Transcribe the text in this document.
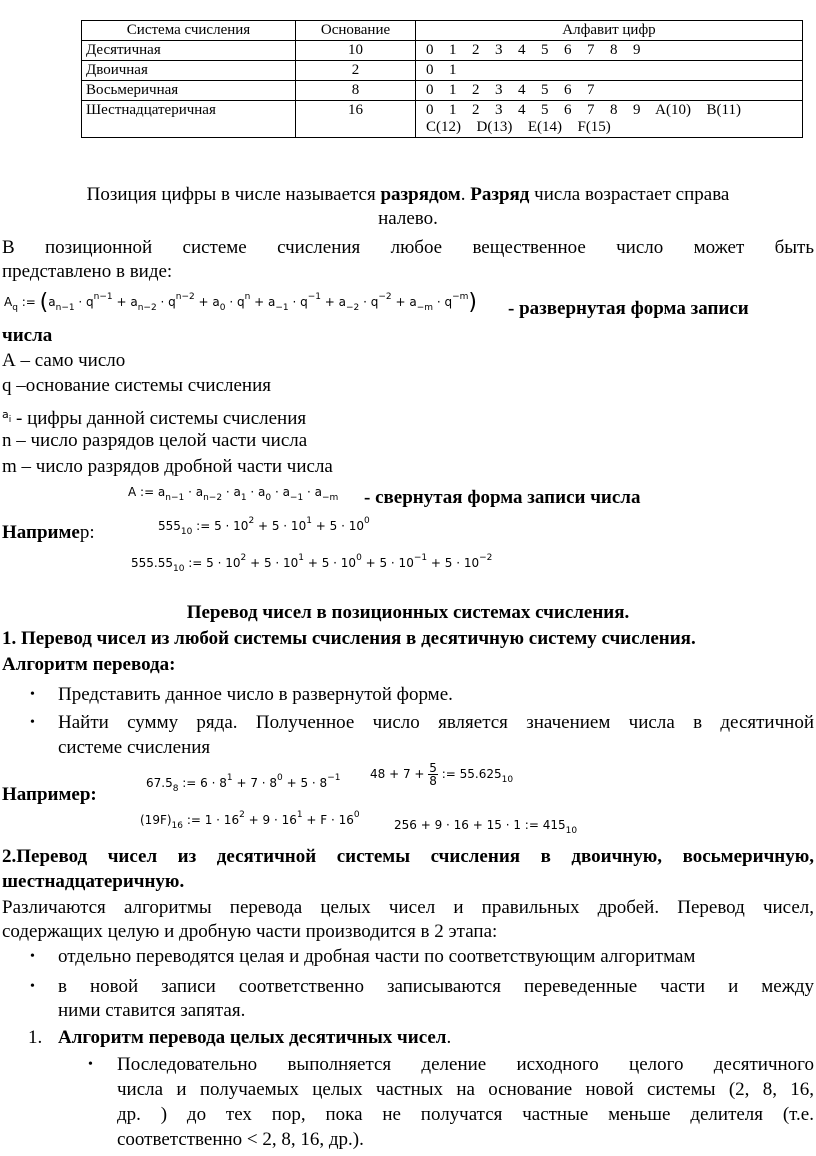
Система счисления	Основание	Алфавит цифр
Десятичная	10	0  1  2  3  4  5  6  7  8  9
Двоичная	2	0  1
Восьмеричная	8	0  1  2  3  4  5  6  7
Шестнадцатеричная	16	0  1  2  3  4  5  6  7  8  9  A(10)  B(11)
C(12)  D(13)  E(14)  F(15)

Позиция цифры в числе называется разрядом. Разряд числа возрастает справа

налево.

В позиционной системе счисления любое вещественное число может быть

представлено в виде:

$A_q$ := $(a_{n-1} \cdot q^{n-1} + a_{n-2} \cdot q^{n-2} + a_0 \cdot q^n + a_{-1} \cdot q^{-1} + a_{-2} \cdot q^{-2} + a_{-m} \cdot q^{-m})$ - развернутая форма записи

числа

А – само число

q –основание системы счисления

$^{a_i}$ - цифры данной системы счисления

n – число разрядов целой части числа

m – число разрядов дробной части числа

A := $a_{n-1} \cdot a_{n-2} \cdot a_1 \cdot a_0 \cdot a_{-1} \cdot a_{-m}$ - свернутая форма записи числа

Например:	$555_{10}$ := $5 \cdot 10^2 + 5 \cdot 10^1 + 5 \cdot 10^0$
$555.55_{10}$ := $5 \cdot 10^2 + 5 \cdot 10^1 + 5 \cdot 10^0 + 5 \cdot 10^{-1} + 5 \cdot 10^{-2}$

Перевод чисел в позиционных системах счисления.

1. Перевод чисел из любой системы счисления в десятичную систему счисления.

Алгоритм перевода:

• Представить данное число в развернутой форме.

• Найти сумму ряда. Полученное число является значением числа в десятичной

системе счисления

Например:

$67.5_8$ := $6 \cdot 8^1 + 7 \cdot 8^0 + 5 \cdot 8^{-1}$ $48 + 7 + \frac{5}{8}$ := $55.625_{10}$
$(19F)_{16}$ := $1 \cdot 16^2 + 9 \cdot 16^1 + F \cdot 16^0$
256 + 9 · 16 + 15 · 1 := $415_{10}$

2.Перевод чисел из десятичной системы счисления в двоичную, восьмеричную,

шестнадцатеричную.

Различаются алгоритмы перевода целых чисел и правильных дробей. Перевод чисел,

содержащих целую и дробную части производится в 2 этапа:

• отдельно переводятся целая и дробная части по соответствующим алгоритмам

• в новой записи соответственно записываются переведенные части и между

ними ставится запятая.

1. Алгоритм перевода целых десятичных чисел.

• Последовательно выполняется деление исходного целого десятичного

числа и получаемых целых частных на основание новой системы (2, 8, 16,

др. ) до тех пор, пока не получатся частные меньше делителя (т.е.

соответственно < 2, 8, 16, др.).
